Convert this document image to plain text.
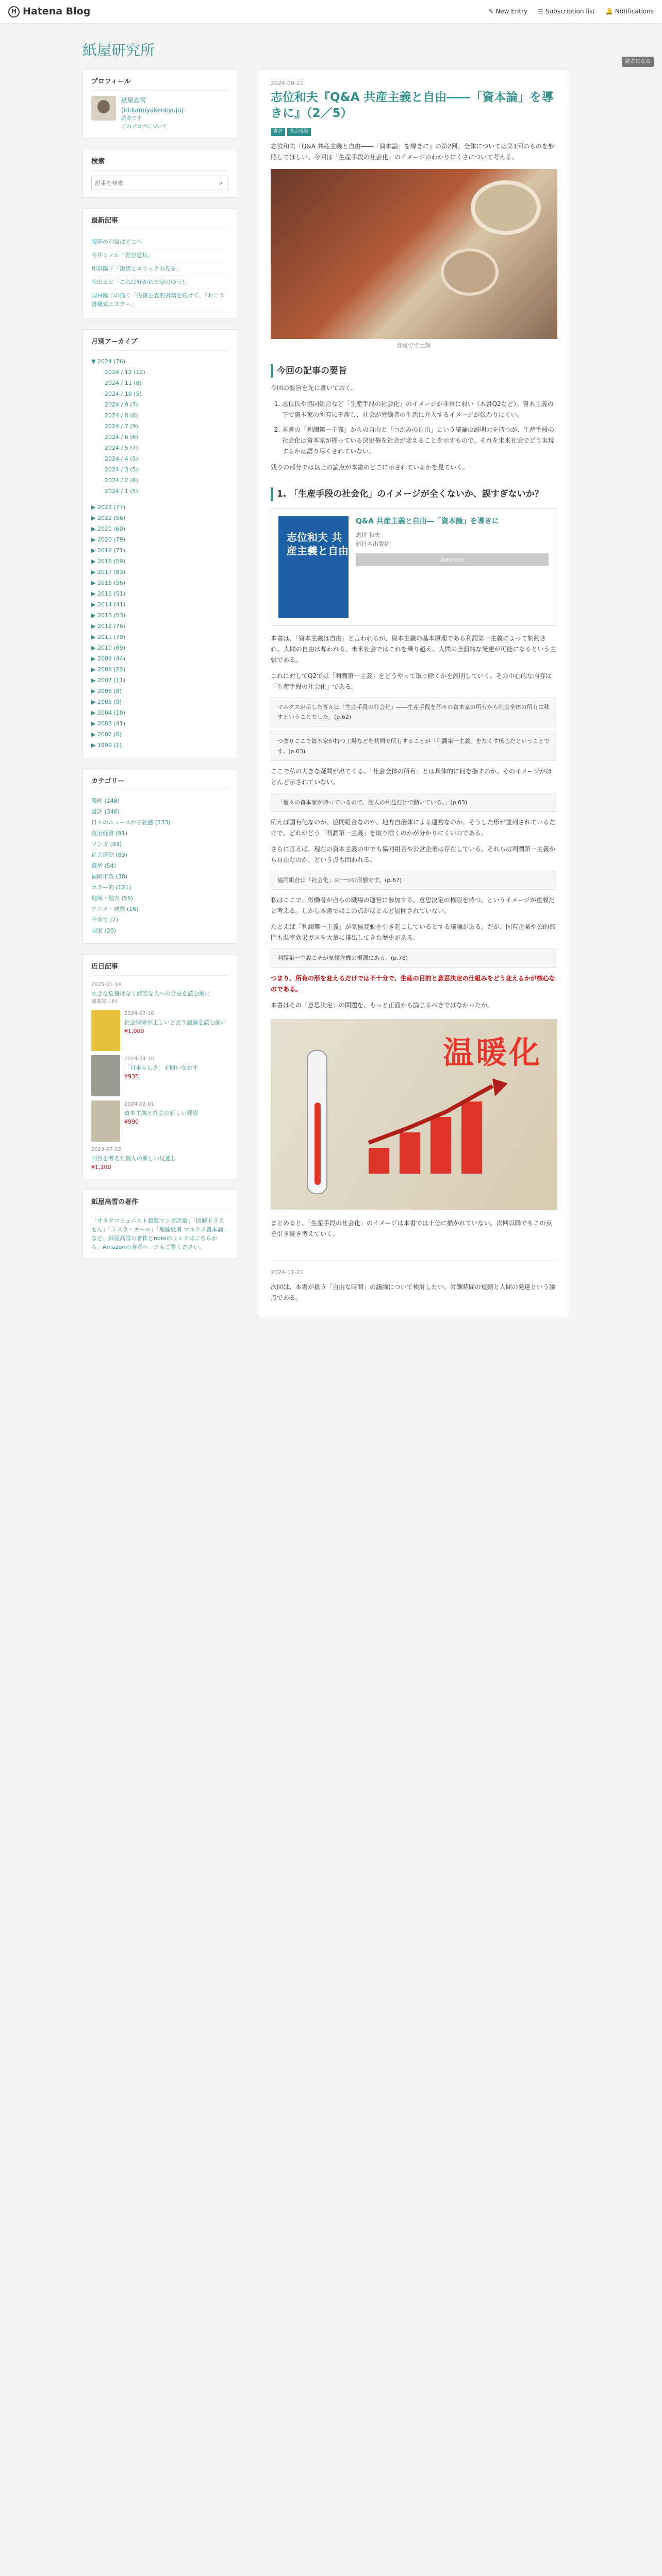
H Hatena Blog	✎ New Entry ☰ Subscription list 🔔 Notifications
紙屋研究所
読者になる
プロフィール
紙屋高雪
(id:kamiyakenkyujo)
読者です
このブログについて
検索
記事を検索
⌕
最新記事
服屋の利益はどこへ
今井ミノル「青空道具」
和泉陽子「鏡街とエリックの光を」
永田カビ「これは好かれた家のゆう!」
国村陽子の描く「投資主義的書籍を続けて、「おこう書籍式エスクー」
月別アーカイブ
▼ 2024 (76)
2024 / 12 (12)
2024 / 11 (8)
2024 / 10 (5)
2024 / 9 (7)
2024 / 8 (6)
2024 / 7 (9)
2024 / 6 (6)
2024 / 5 (7)
2024 / 4 (5)
2024 / 3 (5)
2024 / 2 (6)
2024 / 1 (5)
▶ 2023 (77)
▶ 2022 (56)
▶ 2021 (60)
▶ 2020 (79)
▶ 2019 (71)
▶ 2018 (59)
▶ 2017 (83)
▶ 2016 (56)
▶ 2015 (51)
▶ 2014 (41)
▶ 2013 (53)
▶ 2012 (76)
▶ 2011 (79)
▶ 2010 (69)
▶ 2009 (44)
▶ 2008 (22)
▶ 2007 (11)
▶ 2006 (8)
▶ 2005 (9)
▶ 2004 (10)
▶ 2003 (41)
▶ 2002 (6)
▶ 1999 (1)
カテゴリー
漫画 (248)
書評 (346)
日々のニュースから雑感 (133)
政治経済 (91)
マンガ (93)
社会運動 (83)
選挙 (54)
福岡市政 (38)
ホラー的 (121)
地域・地方 (55)
アニメ・映画 (16)
子育て (7)
国家 (20)
近日記事
2025-01-14
大きな危機はなく誠実な人への合意を読む前に
連載第三回
2024-07-10
社会保障が正しいと言う議論を読む前に
¥1,000
2024-04-10
「日本らしさ」を問いなおす
¥935
2024-02-01
資本主義と社会の新しい展望
¥990
2023-07-22
内容を考えた個人の新しい見通し
¥1,100
紙屋高雪の著作

「オタクコミュニスト超絶マンガ評論」「図解ドラえもん」「ミスラ・カール」「理論経済 マルクス資本論」など、紙屋高雪の著作とnoteのリンクはこちらから。Amazonの著者ページもご覧ください。

2024-09-21
志位和夫『Q&A 共産主義と自由――「資本論」を導きに』（2／5）
書評 社会運動

志位和夫『Q&A 共産主義と自由――「資本論」を導きに』の第2回。全体については第1回のものを参照してほしい。今回は「生産手段の社会化」のイメージのわかりにくさについて考える。

食堂でで土鍋
今回の記事の要旨

今回の要旨を先に書いておく。

1. 志位氏や協同組合など「生産手段の社会化」のイメージが非常に弱い（本書Q2など）。資本主義の下で資本家の所有に干渉し、社会が労働者の生活に介入するイメージが伝わりにくい。
2. 本書の「利潤第一主義」からの自由と「つかみの自由」という議論は説明力を持つが、生産手段の社会化は資本家が握っている決定権を社会が変えることを示すもので、それを未来社会でどう実現するかは語り尽くされていない。

残りの部分では以上の論点が本書のどこに示されているかを見ていく。

1. 「生産手段の社会化」のイメージが全くないか、誤すぎないか？
志位和夫 共産主義と自由
Q&A 共産主義と自由―「資本論」を導きに
志位 和夫
新日本出版社
Amazon

本書は、「資本主義は自由」と言われるが、資本主義の基本原理である利潤第一主義によって制約され、人間の自由は奪われる。未来社会ではこれを乗り越え、人間の全面的な発達が可能になるという主張である。

これに対してQ2では「利潤第一主義」をどうやって取り除くかを説明していく。その中心的な内容は「生産手段の社会化」である。

マルクスが示した答えは「生産手段の社会化」――生産手段を個々の資本家の所有から社会全体の所有に移すということでした。(p.62)
つまりここで資本家が持つ工場などを共同で所有することが「利潤第一主義」をなくす核心だということです。(p.63)

ここで私の大きな疑問が出てくる。「社会全体の所有」とは具体的に何を指すのか。そのイメージがほとんど示されていない。

「個々の資本家が持っているので、個人の利益だけで動いている。」(p.63)

例えば国有化なのか、協同組合なのか、地方自治体による運営なのか。そうした形が並列されているだけで、どれがどう「利潤第一主義」を取り除くのかが分かりにくいのである。

さらに言えば、現在の資本主義の中でも協同組合や公営企業は存在している。それらは利潤第一主義から自由なのか、という点も問われる。

協同組合は「社会化」の一つの形態です。(p.67)

私はここで、労働者が自らの職場の運営に参加する、意思決定の権限を持つ、というイメージが重要だと考える。しかし本書ではこの点がほとんど展開されていない。

たとえば「利潤第一主義」が気候変動を引き起こしているとする議論がある。だが、国有企業や公的部門も温室効果ガスを大量に排出してきた歴史がある。

利潤第一主義こそが気候危機の根源にある。(p.78)

つまり、所有の形を変えるだけでは不十分で、生産の目的と意思決定の仕組みをどう変えるかが核心なのである。

本書はその「意思決定」の問題を、もっと正面から論じるべきではなかったか。

温暖化

まとめると、「生産手段の社会化」のイメージは本書では十分に描かれていない。次回以降でもこの点を引き続き考えていく。

2024-11-21

次回は、本書が扱う「自由な時間」の議論について検討したい。労働時間の短縮と人間の発達という論点である。
